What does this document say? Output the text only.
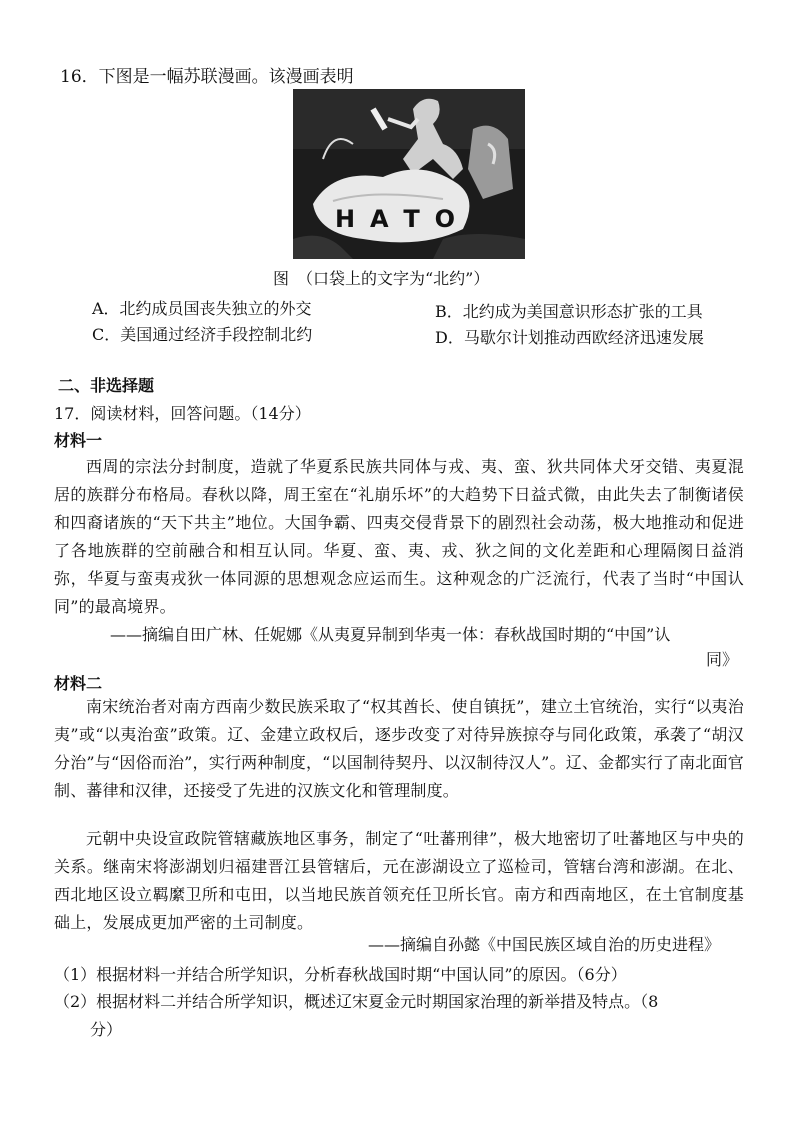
16．下图是一幅苏联漫画。该漫画表明
НАТО
图　（口袋上的文字为“北约”）
A．北约成员国丧失独立的外交	B．北约成为美国意识形态扩张的工具
C．美国通过经济手段控制北约	D．马歇尔计划推动西欧经济迅速发展
二、非选择题
17．阅读材料，回答问题。（14分）
材料一
西周的宗法分封制度，造就了华夏系民族共同体与戎、夷、蛮、狄共同体犬牙交错、夷夏混居的族群分布格局。春秋以降，周王室在“礼崩乐坏”的大趋势下日益式微，由此失去了制衡诸侯和四裔诸族的“天下共主”地位。大国争霸、四夷交侵背景下的剧烈社会动荡，极大地推动和促进了各地族群的空前融合和相互认同。华夏、蛮、夷、戎、狄之间的文化差距和心理隔阂日益消弥，华夏与蛮夷戎狄一体同源的思想观念应运而生。这种观念的广泛流行，代表了当时“中国认同”的最高境界。
——摘编自田广林、任妮娜《从夷夏异制到华夷一体：春秋战国时期的“中国”认
同》
材料二
南宋统治者对南方西南少数民族采取了“权其酋长、使自镇抚”，建立土官统治，实行“以夷治夷”或“以夷治蛮”政策。辽、金建立政权后，逐步改变了对待异族掠夺与同化政策，承袭了“胡汉分治”与“因俗而治”，实行两种制度，“以国制待契丹、以汉制待汉人”。辽、金都实行了南北面官制、蕃律和汉律，还接受了先进的汉族文化和管理制度。
元朝中央设宣政院管辖藏族地区事务，制定了“吐蕃刑律”，极大地密切了吐蕃地区与中央的关系。继南宋将澎湖划归福建晋江县管辖后，元在澎湖设立了巡检司，管辖台湾和澎湖。在北、西北地区设立羁縻卫所和屯田，以当地民族首领充任卫所长官。南方和西南地区，在土官制度基础上，发展成更加严密的土司制度。
——摘编自孙懿《中国民族区域自治的历史进程》
（1）根据材料一并结合所学知识，分析春秋战国时期“中国认同”的原因。（6分）
（2）根据材料二并结合所学知识，概述辽宋夏金元时期国家治理的新举措及特点。（8
分）
